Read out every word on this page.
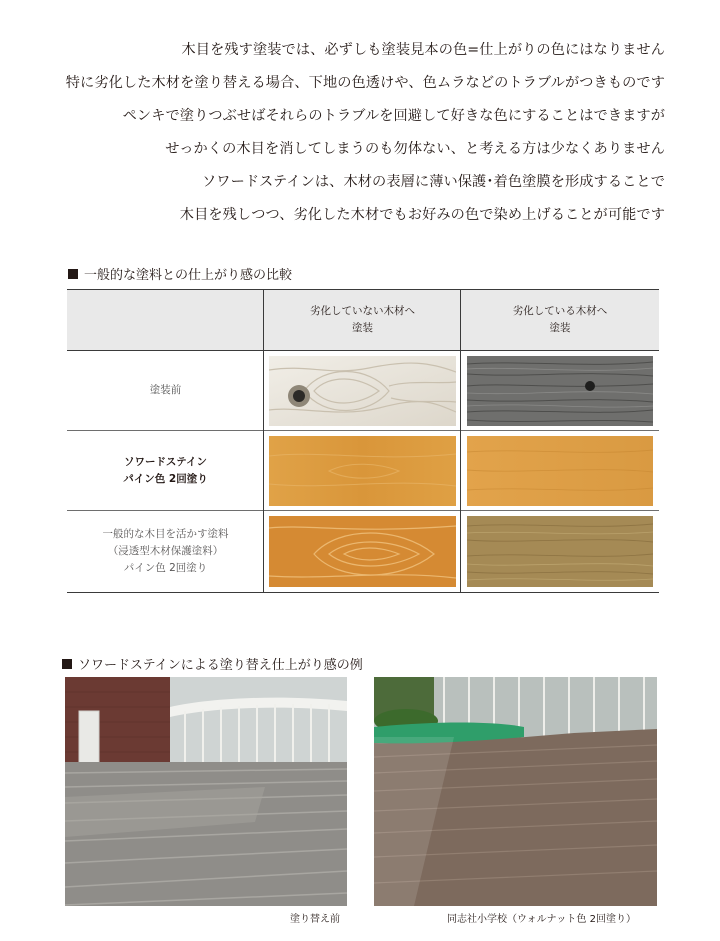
木目を残す塗装では、必ずしも塗装見本の色=仕上がりの色にはなりません

特に劣化した木材を塗り替える場合、下地の色透けや、色ムラなどのトラブルがつきものです

ペンキで塗りつぶせばそれらのトラブルを回避して好きな色にすることはできますが

せっかくの木目を消してしまうのも勿体ない、と考える方は少なくありません

ソワードステインは、木材の表層に薄い保護･着色塗膜を形成することで

木目を残しつつ、劣化した木材でもお好みの色で染め上げることが可能です

一般的な塗料との仕上がり感の比較
劣化していない木材へ
塗装
劣化している木材へ
塗装
塗装前
ソワードステイン
パイン色 2回塗り
一般的な木目を活かす塗料
（浸透型木材保護塗料）
パイン色 2回塗り
ソワードステインによる塗り替え仕上がり感の例
塗り替え前	同志社小学校（ウォルナット色 2回塗り）
